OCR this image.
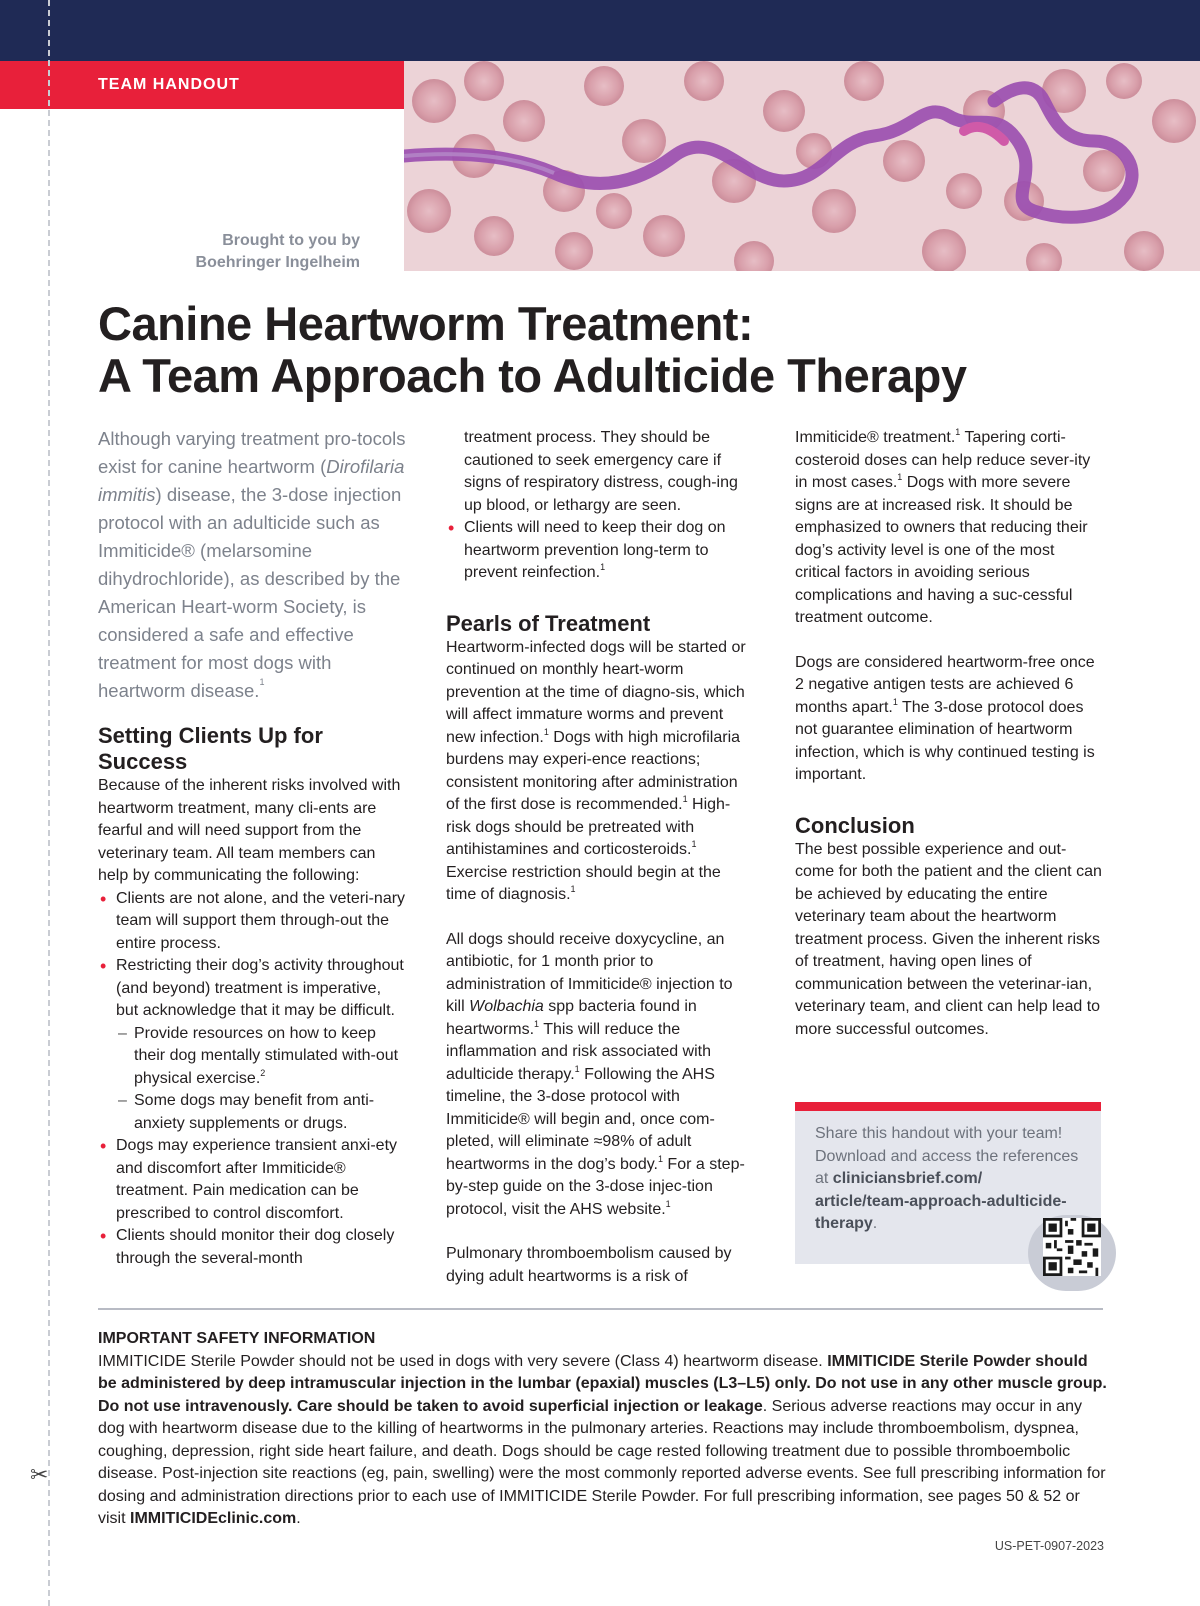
TEAM HANDOUT
✂
Brought to you by
Boehringer Ingelheim
Canine Heartworm Treatment:
A Team Approach to Adulticide Therapy

Although varying treatment pro-tocols exist for canine heartworm (Dirofilaria immitis) disease, the 3-dose injection protocol with an adulticide such as Immiticide® (melarsomine dihydrochloride), as described by the American Heart-worm Society, is considered a safe and effective treatment for most dogs with heartworm disease.$^1$

Setting Clients Up for Success

Because of the inherent risks involved with heartworm treatment, many cli-ents are fearful and will need support from the veterinary team. All team members can help by communicating the following:

• Clients are not alone, and the veteri-nary team will support them through-out the entire process.
• Restricting their dog’s activity throughout (and beyond) treatment is imperative, but acknowledge that it may be difficult.
– Provide resources on how to keep their dog mentally stimulated with-out physical exercise.$^2$
– Some dogs may benefit from anti-anxiety supplements or drugs.
• Dogs may experience transient anxi-ety and discomfort after Immiticide® treatment. Pain medication can be prescribed to control discomfort.
• Clients should monitor their dog closely through the several-month
treatment process. They should be cautioned to seek emergency care if signs of respiratory distress, cough-ing up blood, or lethargy are seen.
• Clients will need to keep their dog on heartworm prevention long-term to prevent reinfection.$^1$
Pearls of Treatment

Heartworm-infected dogs will be started or continued on monthly heart-worm prevention at the time of diagno-sis, which will affect immature worms and prevent new infection.$^1$ Dogs with high microfilaria burdens may experi-ence reactions; consistent monitoring after administration of the first dose is recommended.$^1$ High-risk dogs should be pretreated with antihistamines and corticosteroids.$^1$ Exercise restriction should begin at the time of diagnosis.$^1$

All dogs should receive doxycycline, an antibiotic, for 1 month prior to administration of Immiticide® injection to kill Wolbachia spp bacteria found in heartworms.$^1$ This will reduce the inflammation and risk associated with adulticide therapy.$^1$ Following the AHS timeline, the 3-dose protocol with Immiticide® will begin and, once com-pleted, will eliminate ≈98% of adult heartworms in the dog’s body.$^1$ For a step-by-step guide on the 3-dose injec-tion protocol, visit the AHS website.$^1$

Pulmonary thromboembolism caused by dying adult heartworms is a risk of

Immiticide® treatment.$^1$ Tapering corti-costeroid doses can help reduce sever-ity in most cases.$^1$ Dogs with more severe signs are at increased risk. It should be emphasized to owners that reducing their dog’s activity level is one of the most critical factors in avoiding serious complications and having a suc-cessful treatment outcome.

Dogs are considered heartworm-free once 2 negative antigen tests are achieved 6 months apart.$^1$ The 3-dose protocol does not guarantee elimination of heartworm infection, which is why continued testing is important.

Conclusion

The best possible experience and out-come for both the patient and the client can be achieved by educating the entire veterinary team about the heartworm treatment process. Given the inherent risks of treatment, having open lines of communication between the veterinar-ian, veterinary team, and client can help lead to more successful outcomes.

Share this handout with your team! Download and access the references at cliniciansbrief.com/ article/team-approach-adulticide-therapy.
IMPORTANT SAFETY INFORMATION

IMMITICIDE Sterile Powder should not be used in dogs with very severe (Class 4) heartworm disease. IMMITICIDE Sterile Powder should be administered by deep intramuscular injection in the lumbar (epaxial) muscles (L3–L5) only. Do not use in any other muscle group. Do not use intravenously. Care should be taken to avoid superficial injection or leakage. Serious adverse reactions may occur in any dog with heartworm disease due to the killing of heartworms in the pulmonary arteries. Reactions may include thromboembolism, dyspnea, coughing, depression, right side heart failure, and death. Dogs should be cage rested following treatment due to possible thromboembolic disease. Post-injection site reactions (eg, pain, swelling) were the most commonly reported adverse events. See full prescribing information for dosing and administration directions prior to each use of IMMITICIDE Sterile Powder. For full prescribing information, see pages 50 & 52 or visit IMMITICIDEclinic.com.

US-PET-0907-2023
